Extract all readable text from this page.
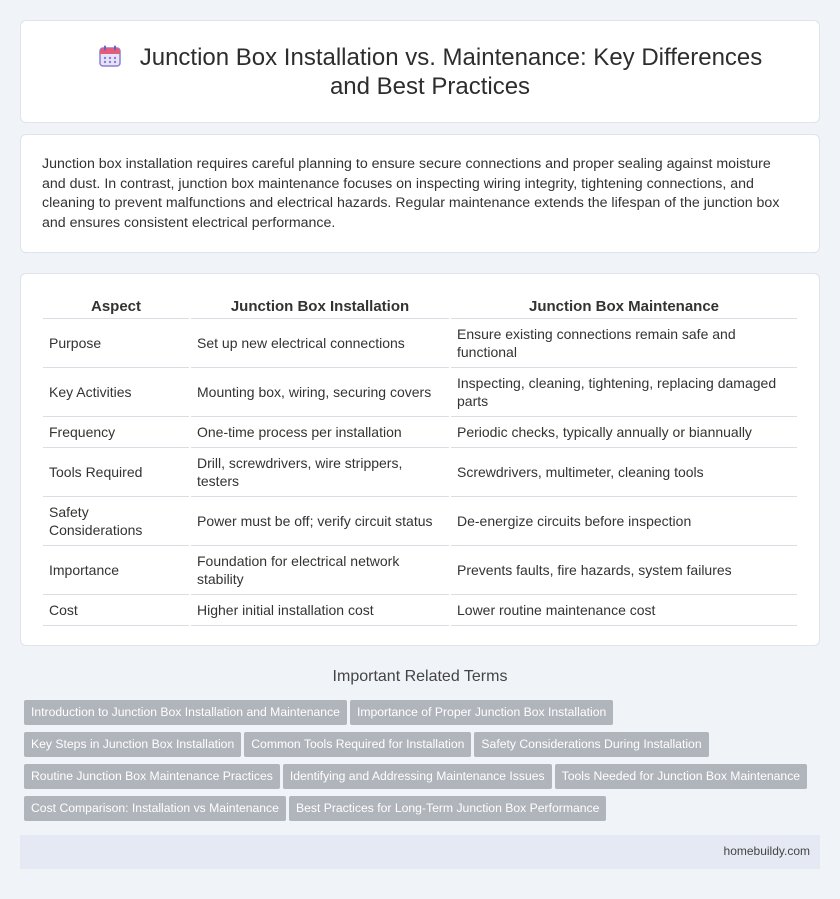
Junction Box Installation vs. Maintenance: Key Differences and Best Practices

Junction box installation requires careful planning to ensure secure connections and proper sealing against moisture and dust. In contrast, junction box maintenance focuses on inspecting wiring integrity, tightening connections, and cleaning to prevent malfunctions and electrical hazards. Regular maintenance extends the lifespan of the junction box and ensures consistent electrical performance.

Aspect	Junction Box Installation	Junction Box Maintenance
Purpose	Set up new electrical connections	Ensure existing connections remain safe and functional
Key Activities	Mounting box, wiring, securing covers	Inspecting, cleaning, tightening, replacing damaged parts
Frequency	One-time process per installation	Periodic checks, typically annually or biannually
Tools Required	Drill, screwdrivers, wire strippers, testers	Screwdrivers, multimeter, cleaning tools
Safety Considerations	Power must be off; verify circuit status	De-energize circuits before inspection
Importance	Foundation for electrical network stability	Prevents faults, fire hazards, system failures
Cost	Higher initial installation cost	Lower routine maintenance cost
Important Related Terms
Introduction to Junction Box Installation and Maintenance Importance of Proper Junction Box Installation
Key Steps in Junction Box Installation Common Tools Required for Installation Safety Considerations During Installation
Routine Junction Box Maintenance Practices Identifying and Addressing Maintenance Issues Tools Needed for Junction Box Maintenance
Cost Comparison: Installation vs Maintenance Best Practices for Long-Term Junction Box Performance
homebuildy.com
